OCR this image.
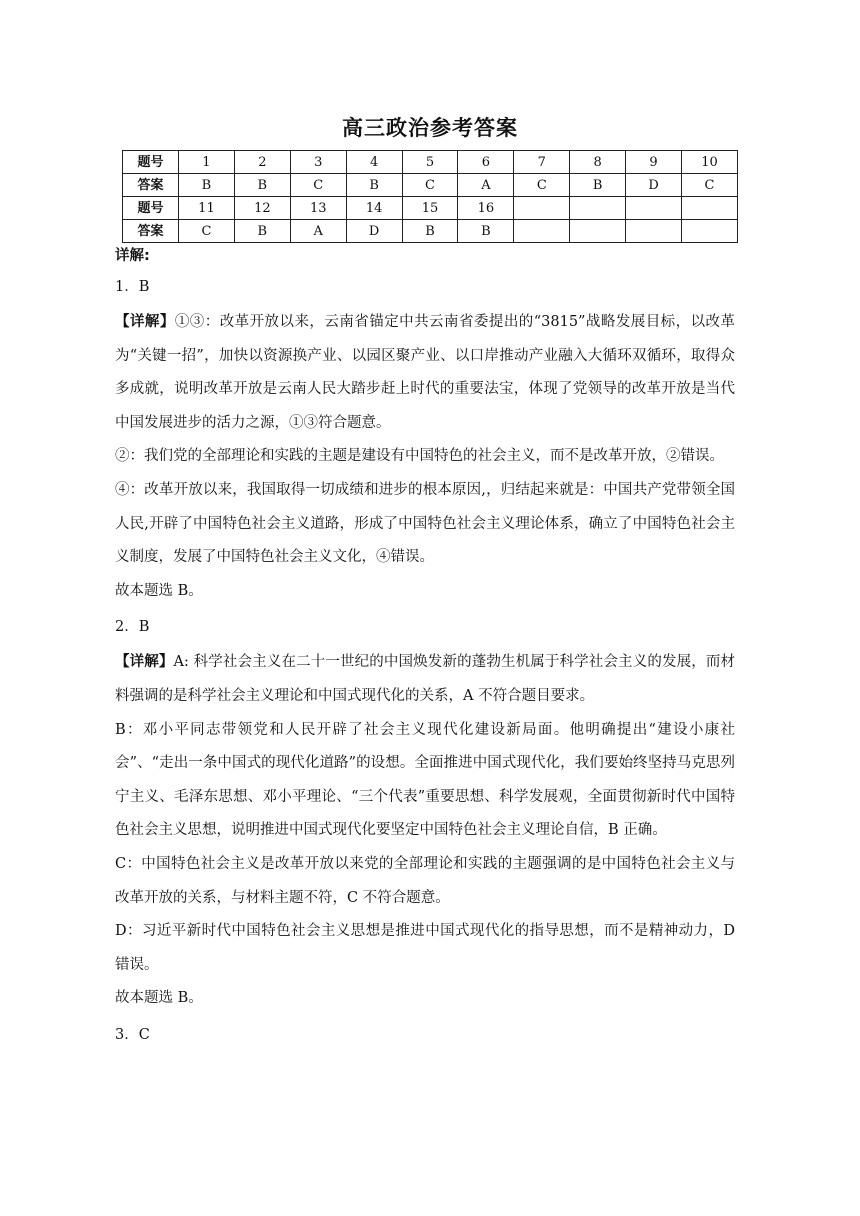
高三政治参考答案
题号	1	2	3	4	5	6	7	8	9	10
答案	B	B	C	B	C	A	C	B	D	C
题号	11	12	13	14	15	16				
答案	C	B	A	D	B	B				

详解:

1．B

【详解】①③：改革开放以来，云南省锚定中共云南省委提出的“3815”战略发展目标，以改革为“关键一招”，加快以资源换产业、以园区聚产业、以口岸推动产业融入大循环双循环，取得众多成就，说明改革开放是云南人民大踏步赶上时代的重要法宝，体现了党领导的改革开放是当代中国发展进步的活力之源，①③符合题意。

②：我们党的全部理论和实践的主题是建设有中国特色的社会主义，而不是改革开放，②错误。

④：改革开放以来，我国取得一切成绩和进步的根本原因,，归结起来就是：中国共产党带领全国人民,开辟了中国特色社会主义道路，形成了中国特色社会主义理论体系，确立了中国特色社会主义制度，发展了中国特色社会主义文化，④错误。

故本题选 B。

2．B

【详解】A: 科学社会主义在二十一世纪的中国焕发新的蓬勃生机属于科学社会主义的发展，而材料强调的是科学社会主义理论和中国式现代化的关系，A 不符合题目要求。

B：邓小平同志带领党和人民开辟了社会主义现代化建设新局面。他明确提出“建设小康社会”、“走出一条中国式的现代化道路”的设想。全面推进中国式现代化，我们要始终坚持马克思列宁主义、毛泽东思想、邓小平理论、“三个代表”重要思想、科学发展观，全面贯彻新时代中国特色社会主义思想，说明推进中国式现代化要坚定中国特色社会主义理论自信，B 正确。

C：中国特色社会主义是改革开放以来党的全部理论和实践的主题强调的是中国特色社会主义与改革开放的关系，与材料主题不符，C 不符合题意。

D：习近平新时代中国特色社会主义思想是推进中国式现代化的指导思想，而不是精神动力，D 错误。

故本题选 B。

3．C
